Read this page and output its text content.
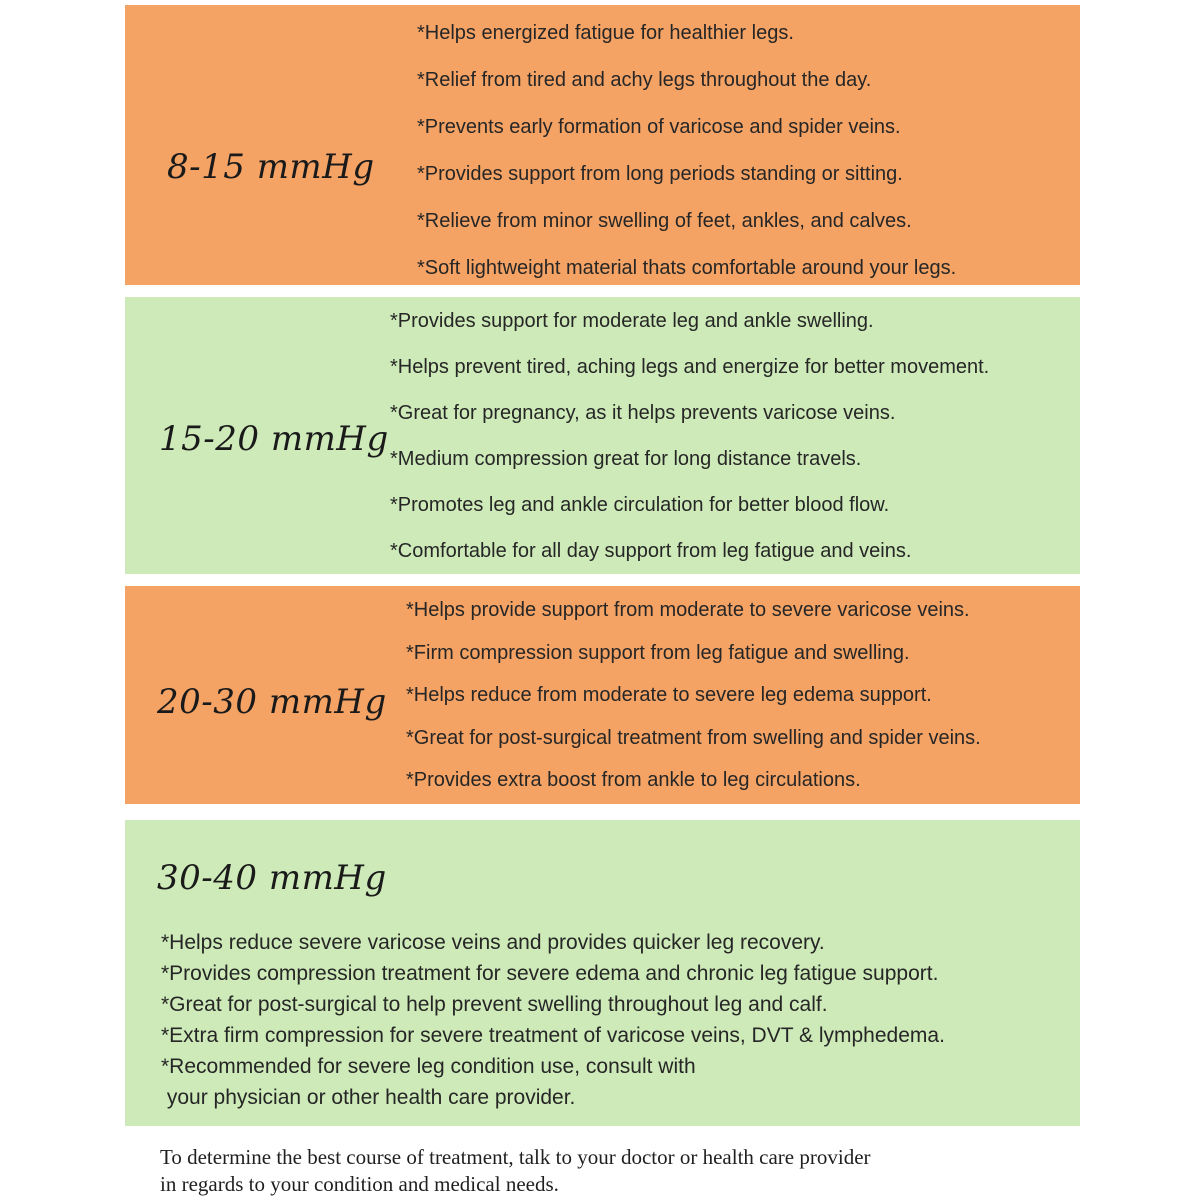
8-15 mmHg
*Helps energized fatigue for healthier legs.
*Relief from tired and achy legs throughout the day.
*Prevents early formation of varicose and spider veins.
*Provides support from long periods standing or sitting.
*Relieve from minor swelling of feet, ankles, and calves.
*Soft lightweight material thats comfortable around your legs.
15-20 mmHg
*Provides support for moderate leg and ankle swelling.
*Helps prevent tired, aching legs and energize for better movement.
*Great for pregnancy, as it helps prevents varicose veins.
*Medium compression great for long distance travels.
*Promotes leg and ankle circulation for better blood flow.
*Comfortable for all day support from leg fatigue and veins.
20-30 mmHg
*Helps provide support from moderate to severe varicose veins.
*Firm compression support from leg fatigue and swelling.
*Helps reduce from moderate to severe leg edema support.
*Great for post-surgical treatment from swelling and spider veins.
*Provides extra boost from ankle to leg circulations.
30-40 mmHg
*Helps reduce severe varicose veins and provides quicker leg recovery.
*Provides compression treatment for severe edema and chronic leg fatigue support.
*Great for post-surgical to help prevent swelling throughout leg and calf.
*Extra firm compression for severe treatment of varicose veins, DVT & lymphedema.
*Recommended for severe leg condition use, consult with
your physician or other health care provider.
To determine the best course of treatment, talk to your doctor or health care provider
in regards to your condition and medical needs.
